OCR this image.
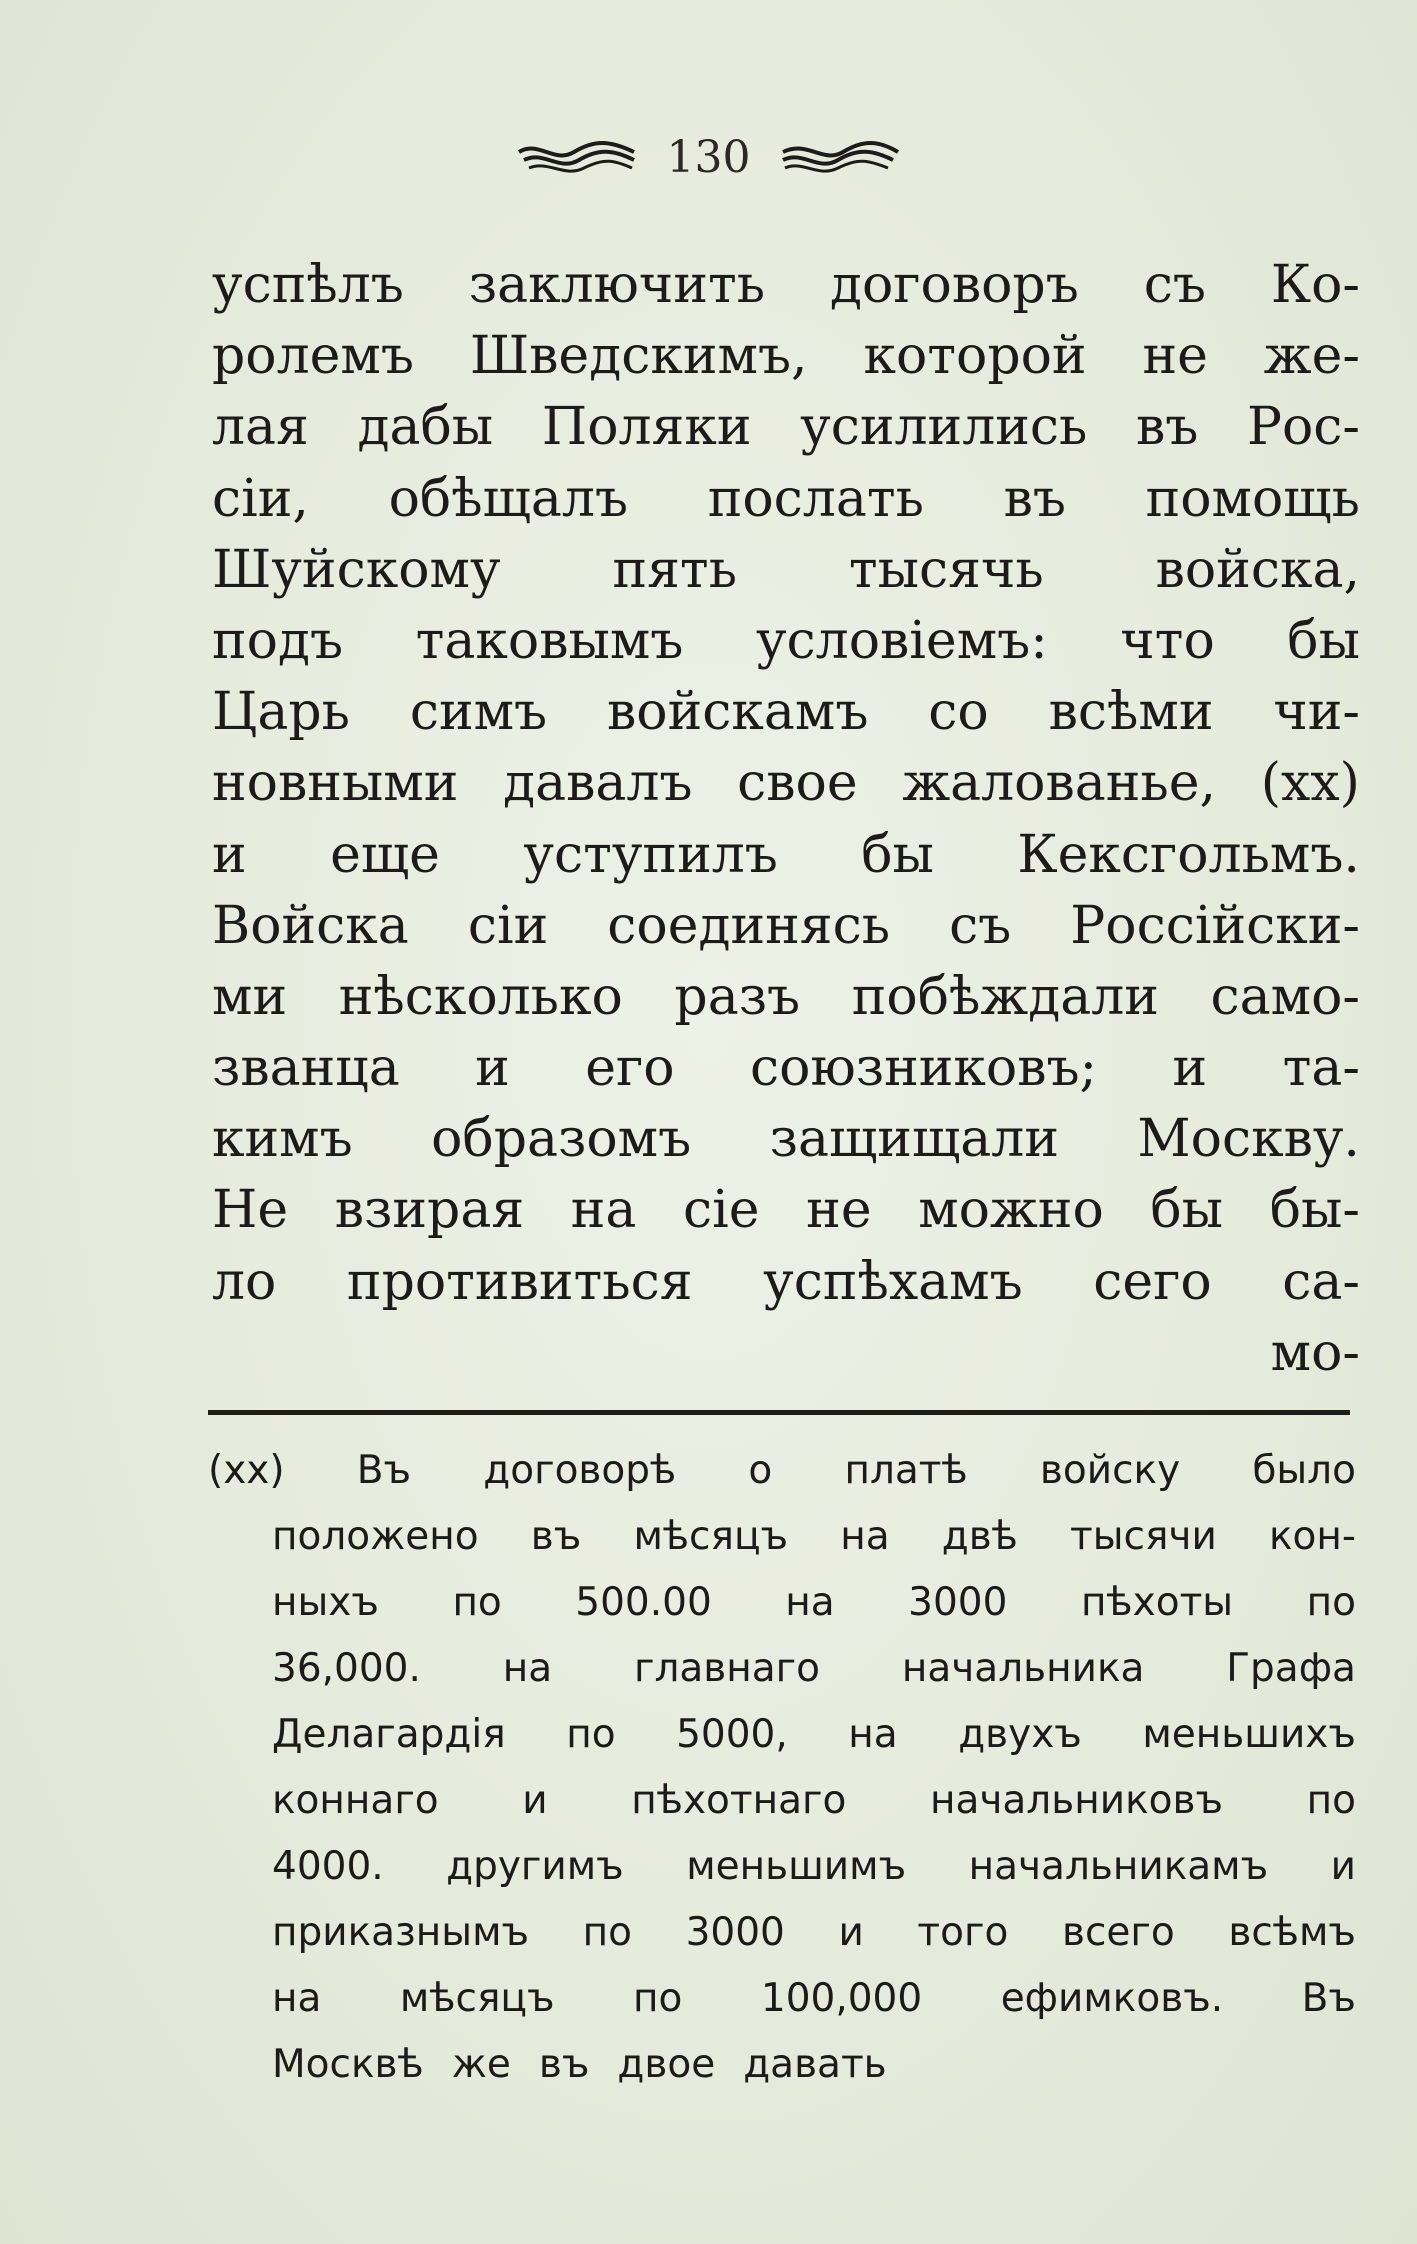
130
успѣлъ заключить договоръ съ Ко-
ролемъ Шведскимъ, которой не же-
лая дабы Поляки усилились въ Рос-
сіи, обѣщалъ послать въ помощь
Шуйскому пять тысячь войска,
подъ таковымъ условіемъ: что бы
Царь симъ войскамъ со всѣми чи-
новными давалъ свое жалованье, (хх)
и еще уступилъ бы Кексгольмъ.
Войска сіи соединясь съ Россійски-
ми нѣсколько разъ побѣждали само-
званца и его союзниковъ; и та-
кимъ образомъ защищали Москву.
Не взирая на сіе не можно бы бы-
ло противиться успѣхамъ сего са-
мо-
(хх) Въ договорѣ о платѣ войску было
положено въ мѣсяцъ на двѣ тысячи кон-
ныхъ по 500.00 на 3000 пѣхоты по
36,000. на главнаго начальника Графа
Делагардія по 5000, на двухъ меньшихъ
коннаго и пѣхотнаго начальниковъ по
4000. другимъ меньшимъ начальникамъ и
приказнымъ по 3000 и того всего всѣмъ
на мѣсяцъ по 100,000 ефимковъ. Въ
Москвѣ же въ двое давать
